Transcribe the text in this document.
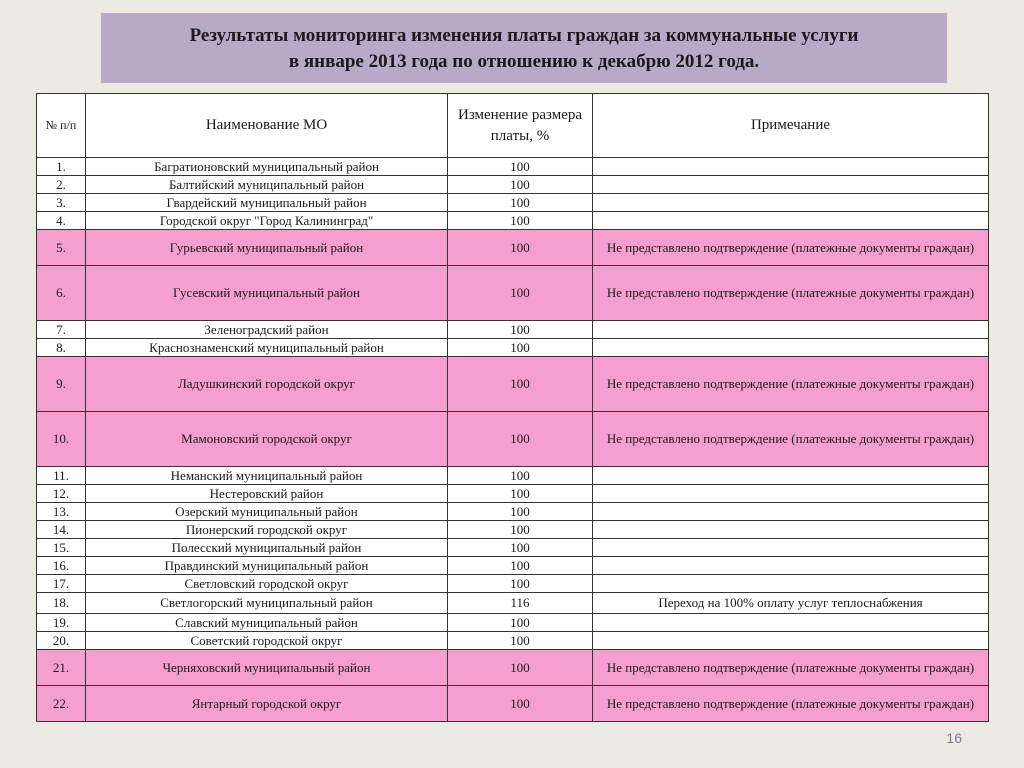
Результаты мониторинга изменения платы граждан за коммунальные услуги
в январе 2013 года по отношению к декабрю 2012 года.
№ п/п	Наименование МО	Изменение размера платы, %	Примечание
1.	Багратионовский муниципальный район	100	
2.	Балтийский муниципальный район	100	
3.	Гвардейский муниципальный район	100	
4.	Городской округ "Город Калининград"	100	
5.	Гурьевский муниципальный район	100	Не представлено подтверждение (платежные документы граждан)
6.	Гусевский муниципальный район	100	Не представлено подтверждение (платежные документы граждан)
7.	Зеленоградский район	100	
8.	Краснознаменский муниципальный район	100	
9.	Ладушкинский городской округ	100	Не представлено подтверждение (платежные документы граждан)
10.	Мамоновский городской округ	100	Не представлено подтверждение (платежные документы граждан)
11.	Неманский муниципальный район	100	
12.	Нестеровский район	100	
13.	Озерский муниципальный район	100	
14.	Пионерский городской округ	100	
15.	Полесский муниципальный район	100	
16.	Правдинский муниципальный район	100	
17.	Светловский городской округ	100	
18.	Светлогорский муниципальный район	116	Переход на 100% оплату услуг теплоснабжения
19.	Славский муниципальный район	100	
20.	Советский городской округ	100	
21.	Черняховский муниципальный район	100	Не представлено подтверждение (платежные документы граждан)
22.	Янтарный городской округ	100	Не представлено подтверждение (платежные документы граждан)
16
